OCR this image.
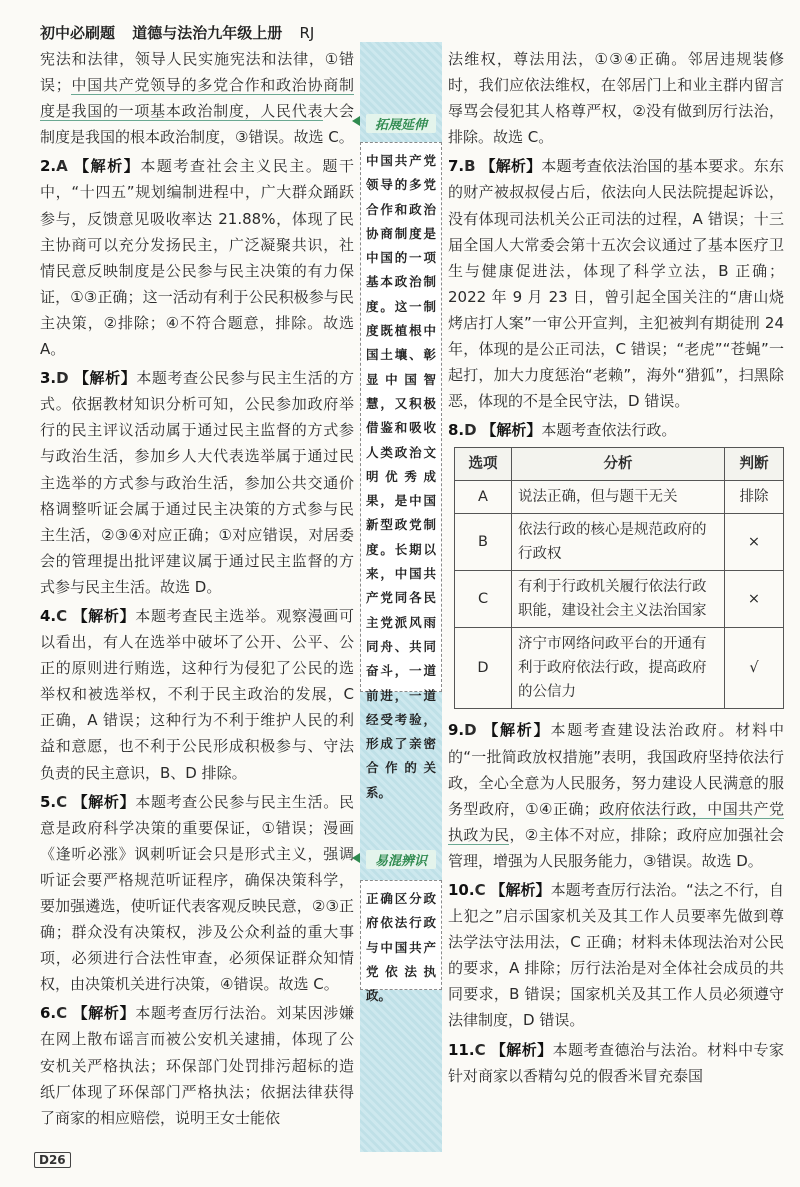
初中必刷题 道德与法治九年级上册 RJ
拓展延伸
中国共产党领导的多党合作和政治协商制度是中国的一项基本政治制度。这一制度既植根中国土壤、彰显中国智慧，又积极借鉴和吸收人类政治文明优秀成果，是中国新型政党制度。长期以来，中国共产党同各民主党派风雨同舟、共同奋斗，一道前进，一道经受考验，形成了亲密合作的关系。
易混辨识
正确区分政府依法行政与中国共产党依法执政。

宪法和法律，领导人民实施宪法和法律，①错误；中国共产党领导的多党合作和政治协商制度是我国的一项基本政治制度，人民代表大会制度是我国的根本政治制度，③错误。故选 C。

2.A 【解析】本题考查社会主义民主。题干中，“十四五”规划编制进程中，广大群众踊跃参与，反馈意见吸收率达 21.88%，体现了民主协商可以充分发扬民主，广泛凝聚共识，社情民意反映制度是公民参与民主决策的有力保证，①③正确；这一活动有利于公民积极参与民主决策，②排除；④不符合题意，排除。故选 A。

3.D 【解析】本题考查公民参与民主生活的方式。依据教材知识分析可知，公民参加政府举行的民主评议活动属于通过民主监督的方式参与政治生活，参加乡人大代表选举属于通过民主选举的方式参与政治生活，参加公共交通价格调整听证会属于通过民主决策的方式参与民主生活，②③④对应正确；①对应错误，对居委会的管理提出批评建议属于通过民主监督的方式参与民主生活。故选 D。

4.C 【解析】本题考查民主选举。观察漫画可以看出，有人在选举中破坏了公开、公平、公正的原则进行贿选，这种行为侵犯了公民的选举权和被选举权，不利于民主政治的发展，C 正确，A 错误；这种行为不利于维护人民的利益和意愿，也不利于公民形成积极参与、守法负责的民主意识，B、D 排除。

5.C 【解析】本题考查公民参与民主生活。民意是政府科学决策的重要保证，①错误；漫画《逢听必涨》讽刺听证会只是形式主义，强调听证会要严格规范听证程序，确保决策科学，要加强遴选，使听证代表客观反映民意，②③正确；群众没有决策权，涉及公众利益的重大事项，必须进行合法性审查，必须保证群众知情权，由决策机关进行决策，④错误。故选 C。

6.C 【解析】本题考查厉行法治。刘某因涉嫌在网上散布谣言而被公安机关逮捕，体现了公安机关严格执法；环保部门处罚排污超标的造纸厂体现了环保部门严格执法；依据法律获得了商家的相应赔偿，说明王女士能依

法维权，尊法用法，①③④正确。邻居违规装修时，我们应依法维权，在邻居门上和业主群内留言辱骂会侵犯其人格尊严权，②没有做到厉行法治，排除。故选 C。

7.B 【解析】本题考查依法治国的基本要求。东东的财产被叔叔侵占后，依法向人民法院提起诉讼，没有体现司法机关公正司法的过程，A 错误；十三届全国人大常委会第十五次会议通过了基本医疗卫生与健康促进法，体现了科学立法，B 正确；2022 年 9 月 23 日，曾引起全国关注的“唐山烧烤店打人案”一审公开宣判，主犯被判有期徒刑 24 年，体现的是公正司法，C 错误；“老虎”“苍蝇”一起打，加大力度惩治“老赖”，海外“猎狐”，扫黑除恶，体现的不是全民守法，D 错误。

8.D 【解析】本题考查依法行政。

选项	分析	判断
A	说法正确，但与题干无关	排除
B	依法行政的核心是规范政府的行政权	×
C	有利于行政机关履行依法行政职能，建设社会主义法治国家	×
D	济宁市网络问政平台的开通有利于政府依法行政，提高政府的公信力	√

9.D 【解析】本题考查建设法治政府。材料中的“一批简政放权措施”表明，我国政府坚持依法行政，全心全意为人民服务，努力建设人民满意的服务型政府，①④正确；政府依法行政，中国共产党执政为民，②主体不对应，排除；政府应加强社会管理，增强为人民服务能力，③错误。故选 D。

10.C 【解析】本题考查厉行法治。“法之不行，自上犯之”启示国家机关及其工作人员要率先做到尊法学法守法用法，C 正确；材料未体现法治对公民的要求，A 排除；厉行法治是对全体社会成员的共同要求，B 错误；国家机关及其工作人员必须遵守法律制度，D 错误。

11.C 【解析】本题考查德治与法治。材料中专家针对商家以香精勾兑的假香米冒充泰国

D26
